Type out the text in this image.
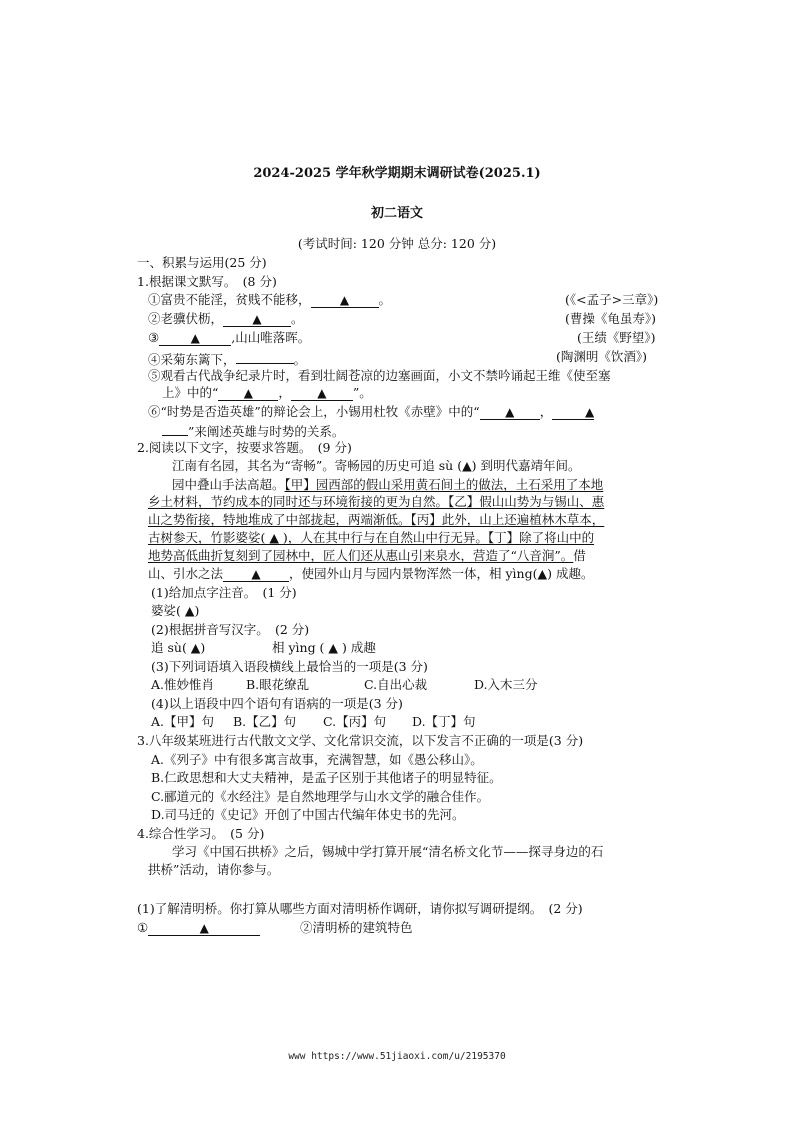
2024-2025 学年秋学期期末调研试卷(2025.1)
初二语文
(考试时间: 120 分钟 总分: 120 分)
一、积累与运用(25 分)
1.根据课文默写。　(8 分)
①富贵不能淫，贫贱不能移， ▲ 。	(《<孟子>三章》)
②老骥伏枥， ▲ 。	(曹操《龟虽寿》)
③	▲	,山山唯落晖。	(王绩《野望》)
④采菊东篱下，	。	(陶渊明《饮酒》)
⑤观看古代战争纪录片时，看到壮阔苍凉的边塞画面，小文不禁吟诵起王维《使至塞
上》中的“ ▲ ， ▲ ”。
⑥“时势是否造英雄”的辩论会上，小锡用杜牧《赤壁》中的“ ▲ ，	▲
”来阐述英雄与时势的关系。
2.阅读以下文字，按要求答题。　(9 分)
江南有名园，其名为“寄畅”。寄畅园的历史可追 sù (▲) 到明代嘉靖年间。
园中叠山手法高超。【甲】园西部的假山采用黄石间土的做法，土石采用了本地
乡土材料，节约成本的同时还与环境衔接的更为自然。【乙】假山山势为与锡山、惠
山之势衔接，特地堆成了中部拢起，两端渐低。【丙】此外，山上还遍植林木草本，
古树参天，竹影婆娑( ▲ )，人在其中行与在自然山中行无异。【丁】除了将山中的
地势高低曲折复刻到了园林中，匠人们还从惠山引来泉水，营造了“八音涧”。借
山、引水之法 ▲ ，使园外山月与园内景物浑然一体，相 yìng(▲) 成趣。
(1)给加点字注音。　(1 分)
婆娑( ▲)
(2)根据拼音写汉字。　(2 分)
追 sù( ▲)	相 yìng ( ▲ ) 成趣
(3)下列词语填入语段横线上最恰当的一项是(3 分)
A.惟妙惟肖	B.眼花缭乱	C.自出心裁	D.入木三分
(4)以上语段中四个语句有语病的一项是(3 分)
A.【甲】句 B.【乙】句 C.【丙】句 D.【丁】句
3.八年级某班进行古代散文文学、文化常识交流，以下发言不正确的一项是(3 分)
A.《列子》中有很多寓言故事，充满智慧，如《愚公移山》。
B.仁政思想和大丈夫精神，是孟子区别于其他诸子的明显特征。
C.郦道元的《水经注》是自然地理学与山水文学的融合佳作。
D.司马迁的《史记》开创了中国古代编年体史书的先河。
4.综合性学习。　(5 分)
学习《中国石拱桥》之后，锡城中学打算开展“清名桥文化节——探寻身边的石
拱桥”活动，请你参与。
(1)了解清明桥。你打算从哪些方面对清明桥作调研，请你拟写调研提纲。　(2 分)
①	▲	②清明桥的建筑特色
www https://www.51jiaoxi.com/u/2195370
